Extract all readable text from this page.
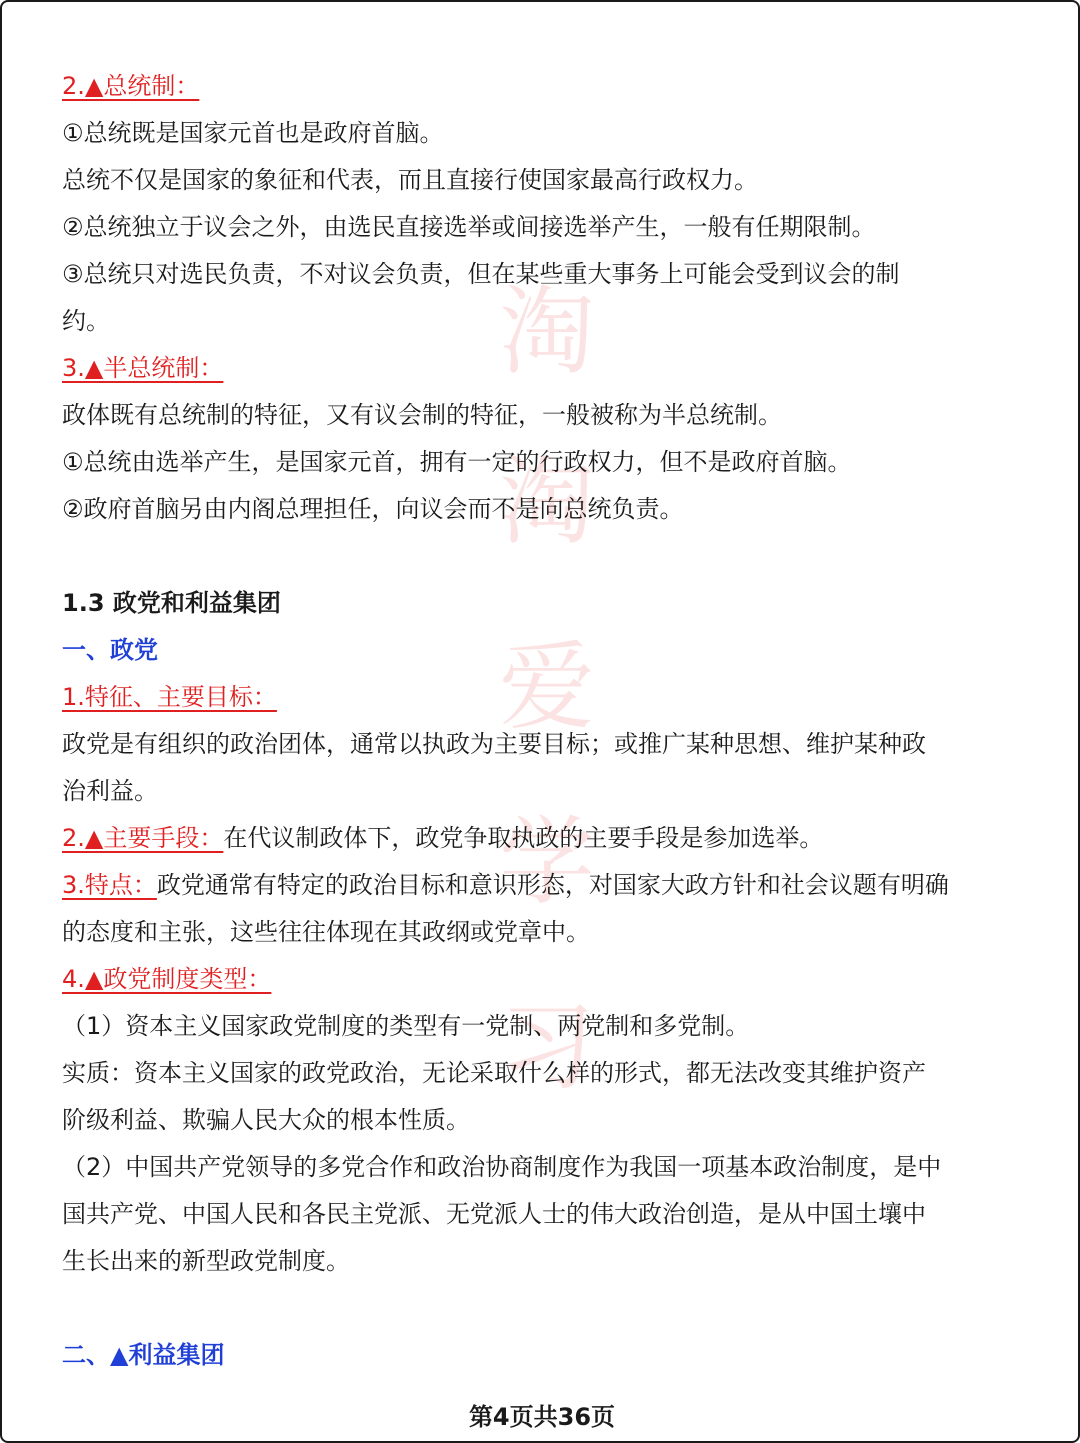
淘
淘
爱
学
习
2.▲总统制：
①总统既是国家元首也是政府首脑。
总统不仅是国家的象征和代表，而且直接行使国家最高行政权力。
②总统独立于议会之外，由选民直接选举或间接选举产生，一般有任期限制。
③总统只对选民负责，不对议会负责，但在某些重大事务上可能会受到议会的制
约。
3.▲半总统制：
政体既有总统制的特征，又有议会制的特征，一般被称为半总统制。
①总统由选举产生，是国家元首，拥有一定的行政权力，但不是政府首脑。
②政府首脑另由内阁总理担任，向议会而不是向总统负责。
1.3 政党和利益集团
一、政党
1.特征、主要目标：
政党是有组织的政治团体，通常以执政为主要目标；或推广某种思想、维护某种政
治利益。
2.▲主要手段：在代议制政体下，政党争取执政的主要手段是参加选举。
3.特点：政党通常有特定的政治目标和意识形态，对国家大政方针和社会议题有明确
的态度和主张，这些往往体现在其政纲或党章中。
4.▲政党制度类型：
（1）资本主义国家政党制度的类型有一党制、两党制和多党制。
实质：资本主义国家的政党政治，无论采取什么样的形式，都无法改变其维护资产
阶级利益、欺骗人民大众的根本性质。
（2）中国共产党领导的多党合作和政治协商制度作为我国一项基本政治制度，是中
国共产党、中国人民和各民主党派、无党派人士的伟大政治创造，是从中国土壤中
生长出来的新型政党制度。
二、▲利益集团
第4页共36页
